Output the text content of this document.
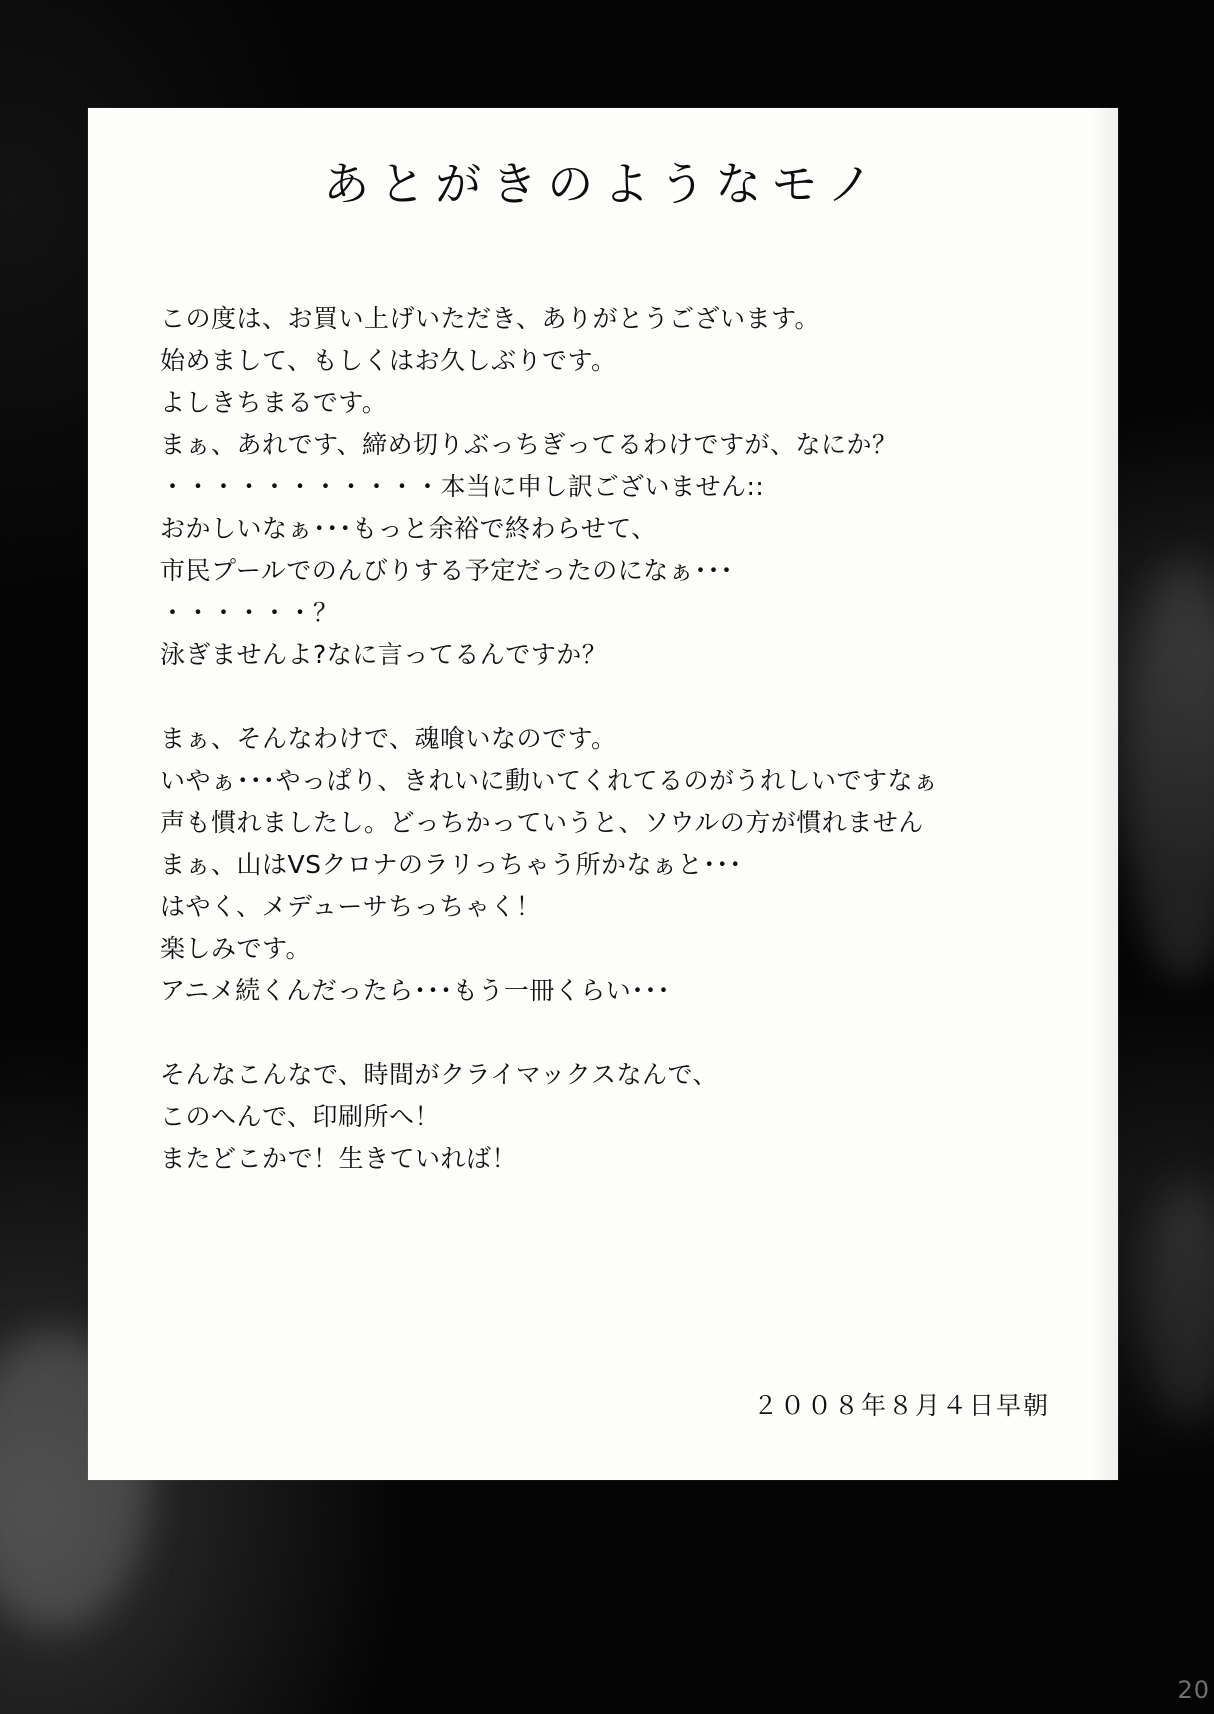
あとがきのようなモノ
この度は、お買い上げいただき、ありがとうございます。
始めまして、もしくはお久しぶりです。
よしきちまるです。
まぁ、あれです、締め切りぶっちぎってるわけですが、なにか？
・・・・・・・・・・・本当に申し訳ございません::
おかしいなぁ･･･もっと余裕で終わらせて、
市民プールでのんびりする予定だったのになぁ･･･
・・・・・・？
泳ぎませんよ?なに言ってるんですか？
まぁ、そんなわけで、魂喰いなのです。
いやぁ･･･やっぱり、きれいに動いてくれてるのがうれしいですなぁ
声も慣れましたし。どっちかっていうと、ソウルの方が慣れません
まぁ、山はVSクロナのラリっちゃう所かなぁと･･･
はやく、メデューサちっちゃく！
楽しみです。
アニメ続くんだったら･･･もう一冊くらい･･･
そんなこんなで、時間がクライマックスなんで、
このへんで、印刷所へ！
またどこかで！生きていれば！
２００８年８月４日早朝
20
